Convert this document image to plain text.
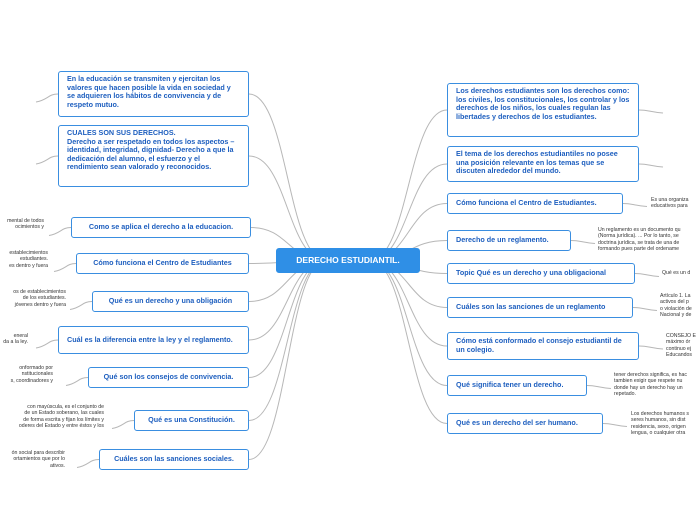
DERECHO ESTUDIANTIL.
En la educación se transmiten y ejercitan los valores que hacen posible la vida en sociedad y se adquieren los hábitos de convivencia y de respeto mutuo.
CUALES SON SUS DERECHOS.
Derecho a ser respetado en todos los aspectos –identidad, integridad, dignidad- Derecho a que la dedicación del alumno, el esfuerzo y el rendimiento sean valorado y reconocidos.
Como se aplica el derecho a la educacion.
Cómo funciona el Centro de Estudiantes
Qué es un derecho y una obligación
Cuál es la diferencia entre la ley y el reglamento.
Qué son los consejos de convivencia.
Qué es una Constitución.
Cuáles son las sanciones sociales.
Los derechos estudiantes son los derechos como: los civiles, los constitucionales, los controlar y los derechos de los niños, los cuales regulan las libertades y derechos de los estudiantes.
El tema de los derechos estudiantiles no posee una posición relevante en los temas que se discuten alrededor del mundo.
Cómo funciona el Centro de Estudiantes.
Derecho de un reglamento.
Topic Qué es un derecho y una obligacional
Cuáles son las sanciones de un reglamento
Cómo está conformado el consejo estudiantil de un colegio.
Qué significa tener un derecho.
Qué es un derecho del ser humano.
mental de todos
ocimientos y
establecimientos
estudiantes.
es dentro y fuera
os de establecimientos
de los estudiantes.
jóvenes dentro y fuera
eneral
da a la ley.
onformado por
nstitucionales
s, coordinadores y
con mayúscula, es el conjunto de
de un Estado soberano, las cuales
de forma escrita y fijan los límites y
oderes del Estado y entre éstos y los
ón social para describir
ortamientos que por lo
ativos.
Es una organiza
educativos para
Un reglamento es un documento qu
(Norma jurídica). ... Por lo tanto, se
doctrina jurídica, se trata de una de
formando pues parte del ordename
Qué es un d
Artículo 1. La
activos del p
o violación de
Nacional y de
CONSEJO E
máximo ór
continuo ej
Educandos
tener derechos significa, es hac
tambien exigir que respete nu
donde hay un derecho hay un
repetado.
Los derechos humanos s
seres humanos, sin dist
residencia, sexo, origen
lengua, o cualquier otra
